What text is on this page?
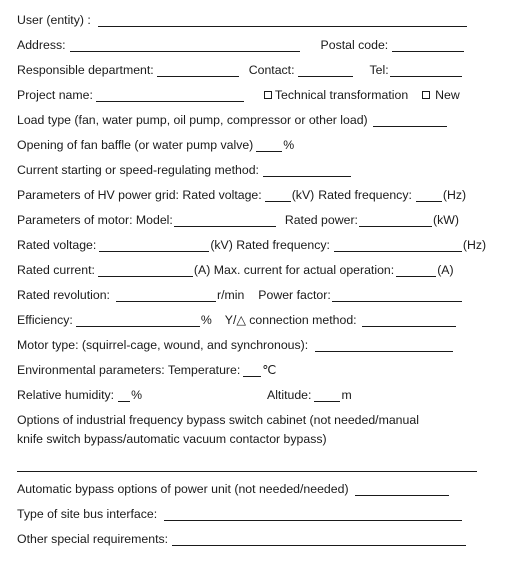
User (entity) :
Address:	Postal code:
Responsible department:	Contact:	Tel:
Project name:	Technical transformation New
Load type (fan, water pump, oil pump, compressor or other load)
Opening of fan baffle (or water pump valve) %
Current starting or speed-regulating method:
Parameters of HV power grid: Rated voltage: (kV) Rated frequency:	(Hz)
Parameters of motor: Model:	Rated power:	(kW)
Rated voltage:	(kV) Rated frequency:	(Hz)
Rated current:	(A) Max. current for actual operation:	(A)
Rated revolution:	r/min Power factor:
Efficiency:	% Y/△ connection method:
Motor type: (squirrel-cage, wound, and synchronous):
Environmental parameters: Temperature: ℃
Relative humidity: %	Altitude: m
Options of industrial frequency bypass switch cabinet (not needed/manual
knife switch bypass/automatic vacuum contactor bypass)
Automatic bypass options of power unit (not needed/needed)
Type of site bus interface:
Other special requirements:
